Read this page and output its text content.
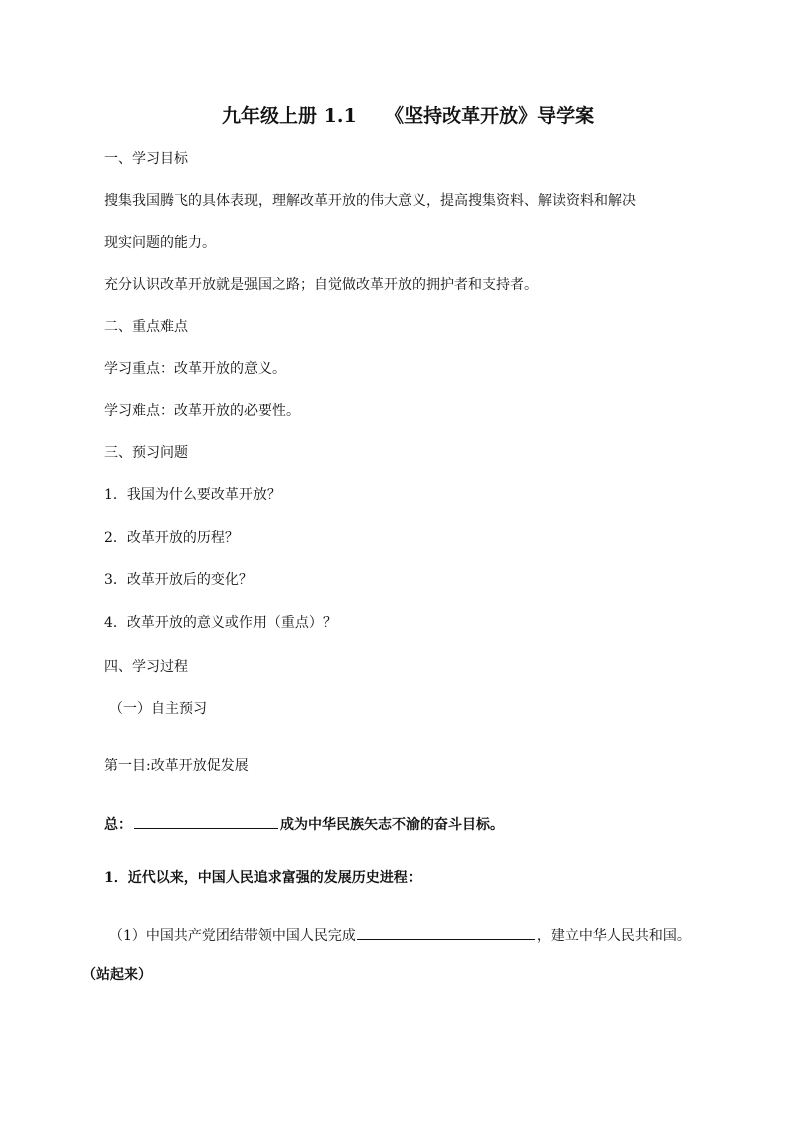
九年级上册 1.1　　《坚持改革开放》导学案
一、学习目标
搜集我国腾飞的具体表现，理解改革开放的伟大意义，提高搜集资料、解读资料和解决
现实问题的能力。
充分认识改革开放就是强国之路；自觉做改革开放的拥护者和支持者。
二、重点难点
学习重点：改革开放的意义。
学习难点：改革开放的必要性。
三、预习问题
1．我国为什么要改革开放？
2．改革开放的历程？
3．改革开放后的变化？
4．改革开放的意义或作用（重点）？
四、学习过程
（一）自主预习
第一目:改革开放促发展
总：	成为中华民族矢志不渝的奋斗目标。
1．近代以来，中国人民追求富强的发展历史进程：
（1）中国共产党团结带领中国人民完成	，建立中华人民共和国。
（站起来）
